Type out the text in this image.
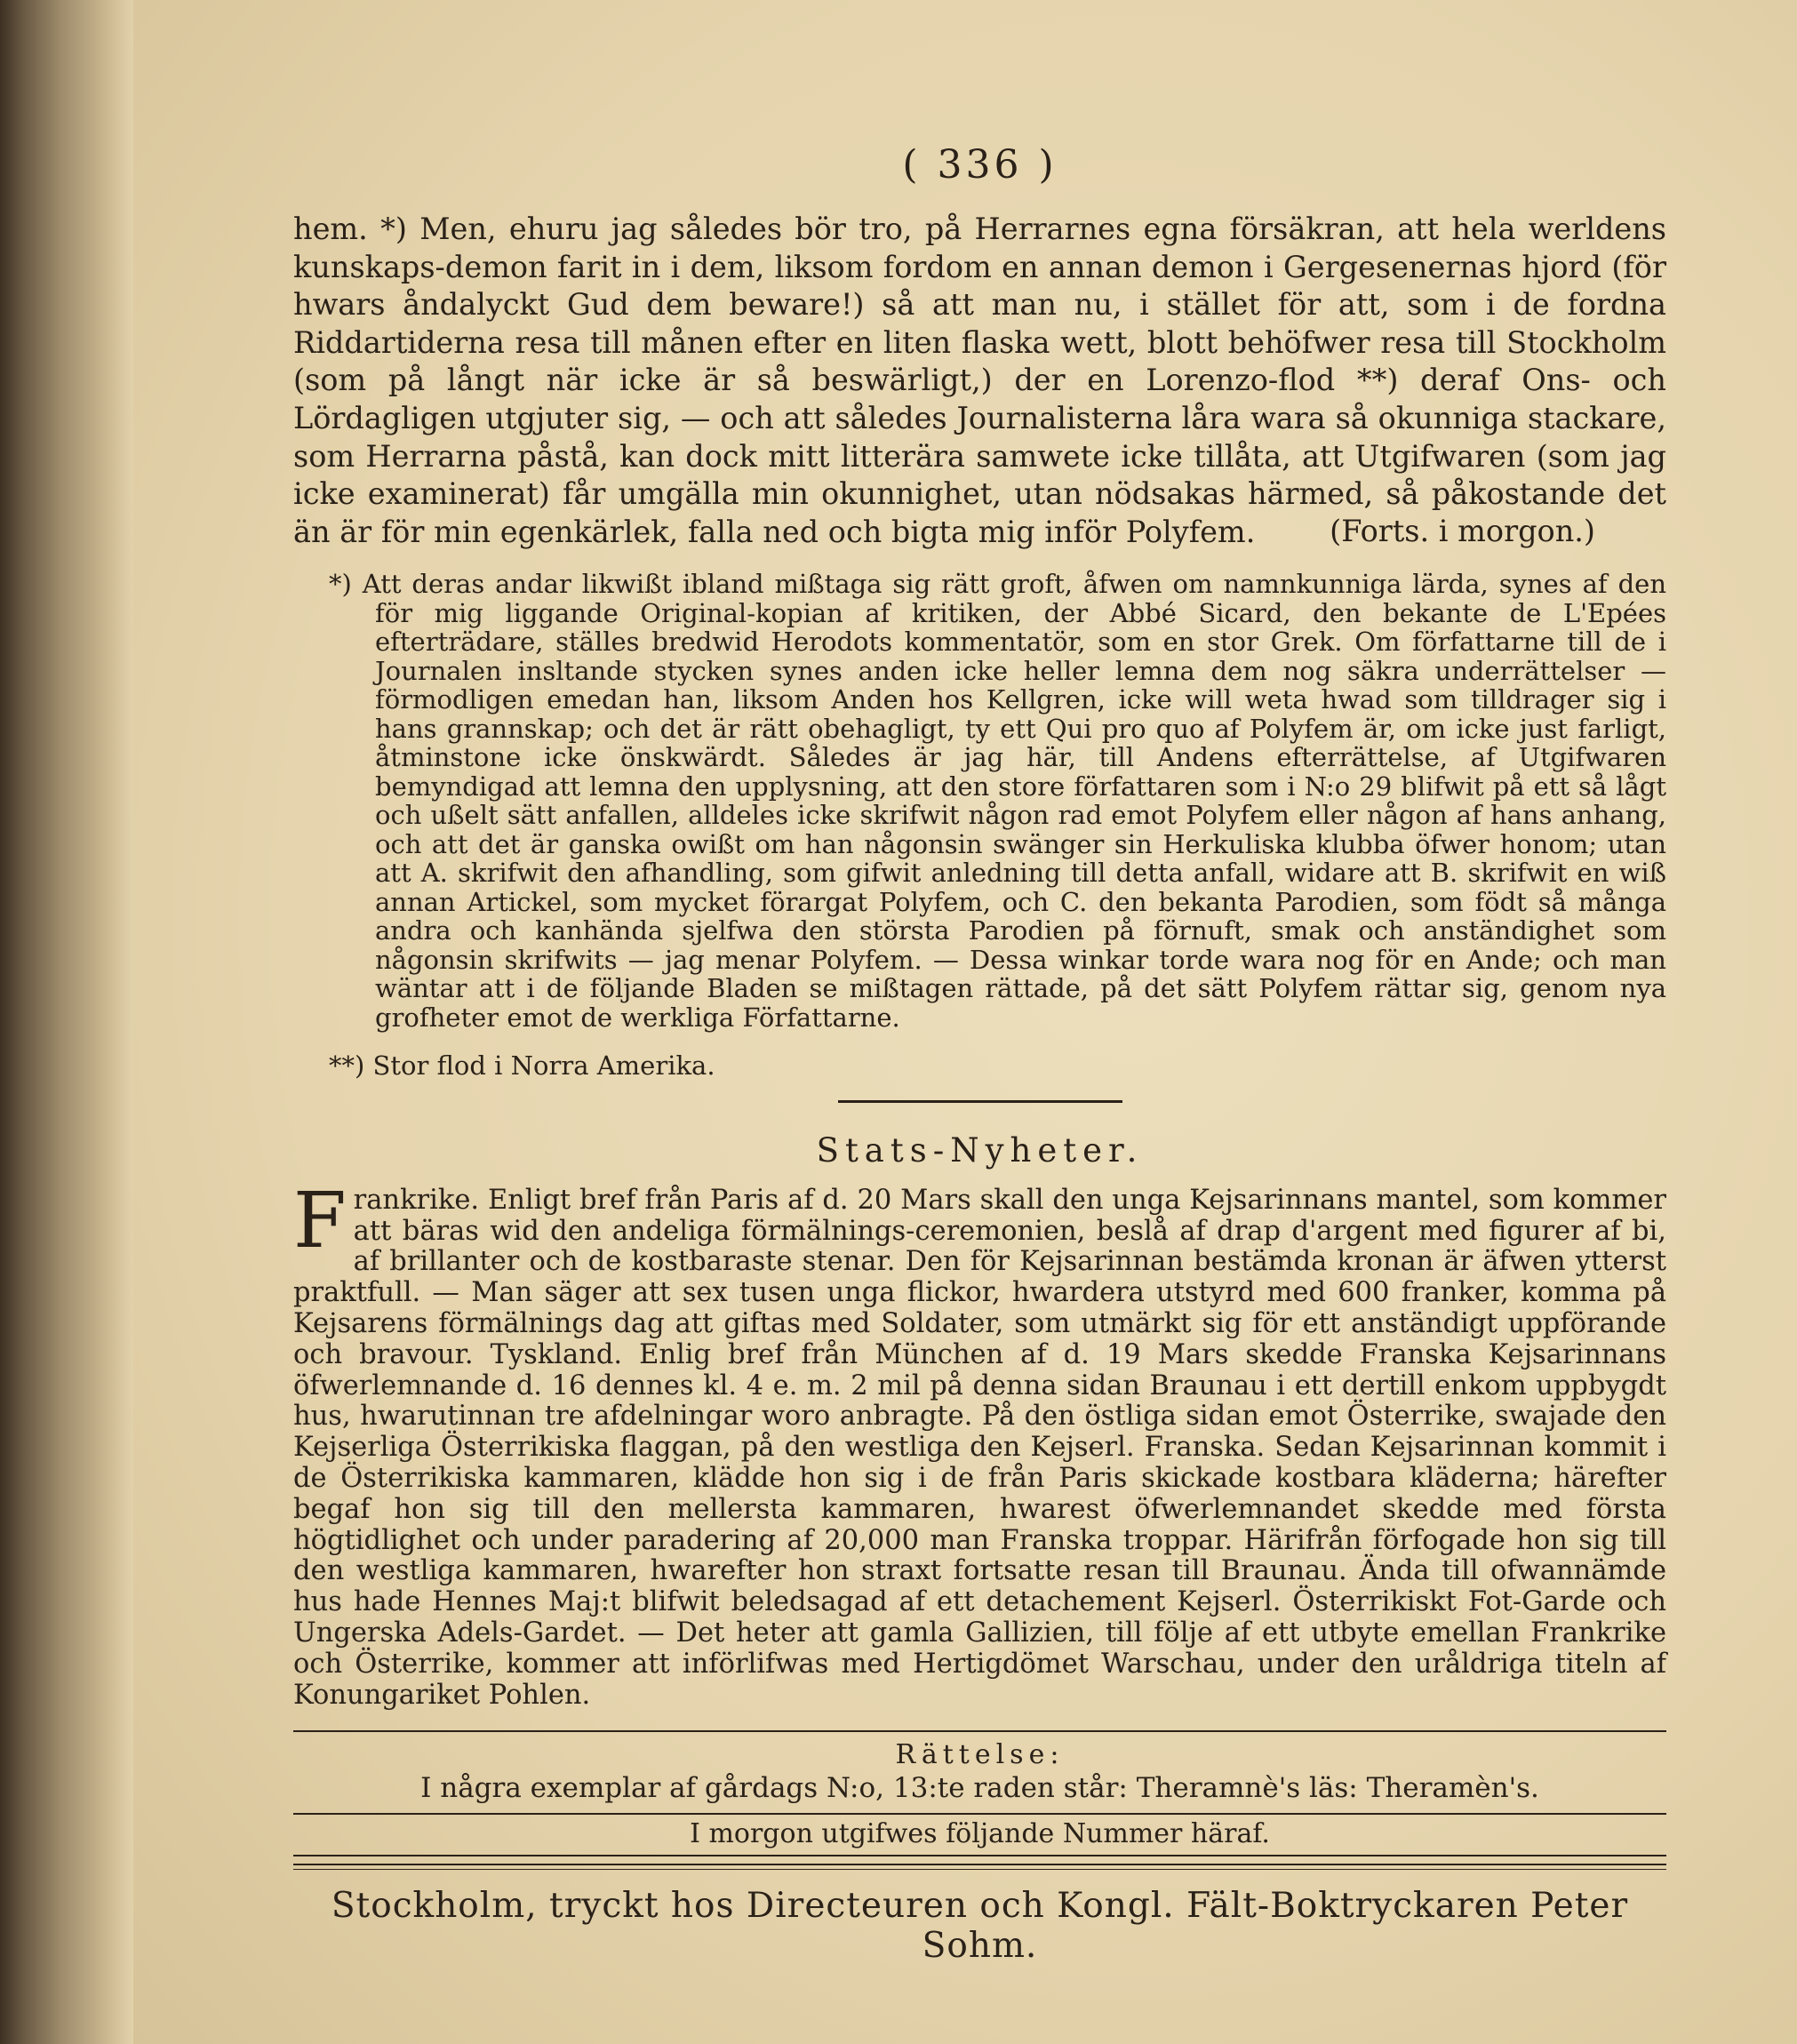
( 336 )

hem. *) Men, ehuru jag således bör tro, på Herrarnes egna försäkran, att hela werldens kunskaps-demon farit in i dem, liksom fordom en annan demon i Gergesenernas hjord (för hwars åndalyckt Gud dem beware!) så att man nu, i stället för att, som i de fordna Riddartiderna resa till månen efter en liten flaska wett, blott behöfwer resa till Stockholm (som på långt när icke är så beswärligt,) der en Lorenzo-flod **) deraf Ons- och Lördagligen utgjuter sig, — och att således Journalisterna låra wara så okunniga stackare, som Herrarna påstå, kan dock mitt litterära samwete icke tillåta, att Utgifwaren (som jag icke examinerat) får umgälla min okunnighet, utan nödsakas härmed, så påkostande det än är för min egenkärlek, falla ned och bigta mig inför Polyfem.	(Forts. i morgon.)

*) Att deras andar likwißt ibland mißtaga sig rätt groft, åfwen om namnkunniga lärda, synes af den för mig liggande Original-kopian af kritiken, der Abbé Sicard, den bekante de L'Epées efterträdare, ställes bredwid Herodots kommentatör, som en stor Grek. Om författarne till de i Journalen insltande stycken synes anden icke heller lemna dem nog säkra underrättelser — förmodligen emedan han, liksom Anden hos Kellgren, icke will weta hwad som tilldrager sig i hans grannskap; och det är rätt obehagligt, ty ett Qui pro quo af Polyfem är, om icke just farligt, åtminstone icke önskwärdt. Således är jag här, till Andens efterrättelse, af Utgifwaren bemyndigad att lemna den upplysning, att den store författaren som i N:o 29 blifwit på ett så lågt och ußelt sätt anfallen, alldeles icke skrifwit någon rad emot Polyfem eller någon af hans anhang, och att det är ganska owißt om han någonsin swänger sin Herkuliska klubba öfwer honom; utan att A. skrifwit den afhandling, som gifwit anledning till detta anfall, widare att B. skrifwit en wiß annan Artickel, som mycket förargat Polyfem, och C. den bekanta Parodien, som födt så många andra och kanhända sjelfwa den största Parodien på förnuft, smak och anständighet som någonsin skrifwits — jag menar Polyfem. — Dessa winkar torde wara nog för en Ande; och man wäntar att i de följande Bladen se mißtagen rättade, på det sätt Polyfem rättar sig, genom nya grofheter emot de werkliga Författarne.

**) Stor flod i Norra Amerika.

Stats-Nyheter.

Frankrike. Enligt bref från Paris af d. 20 Mars skall den unga Kejsarinnans mantel, som kommer att bäras wid den andeliga förmälnings-ceremonien, beslå af drap d'argent med figurer af bi, af brillanter och de kostbaraste stenar. Den för Kejsarinnan bestämda kronan är äfwen ytterst praktfull. — Man säger att sex tusen unga flickor, hwardera utstyrd med 600 franker, komma på Kejsarens förmälnings dag att giftas med Soldater, som utmärkt sig för ett anständigt uppförande och bravour. Tyskland. Enlig bref från München af d. 19 Mars skedde Franska Kejsarinnans öfwerlemnande d. 16 dennes kl. 4 e. m. 2 mil på denna sidan Braunau i ett dertill enkom uppbygdt hus, hwarutinnan tre afdelningar woro anbragte. På den östliga sidan emot Österrike, swajade den Kejserliga Österrikiska flaggan, på den westliga den Kejserl. Franska. Sedan Kejsarinnan kommit i de Österrikiska kammaren, klädde hon sig i de från Paris skickade kostbara kläderna; härefter begaf hon sig till den mellersta kammaren, hwarest öfwerlemnandet skedde med första högtidlighet och under paradering af 20,000 man Franska troppar. Härifrån förfogade hon sig till den westliga kammaren, hwarefter hon straxt fortsatte resan till Braunau. Ända till ofwannämde hus hade Hennes Maj:t blifwit beledsagad af ett detachement Kejserl. Österrikiskt Fot-Garde och Ungerska Adels-Gardet. — Det heter att gamla Gallizien, till följe af ett utbyte emellan Frankrike och Österrike, kommer att införlifwas med Hertigdömet Warschau, under den uråldriga titeln af Konungariket Pohlen.

Rättelse:
I några exemplar af gårdags N:o, 13:te raden står: Theramnè's läs: Theramèn's.
I morgon utgifwes följande Nummer häraf.
Stockholm, tryckt hos Directeuren och Kongl. Fält-Boktryckaren Peter Sohm.
